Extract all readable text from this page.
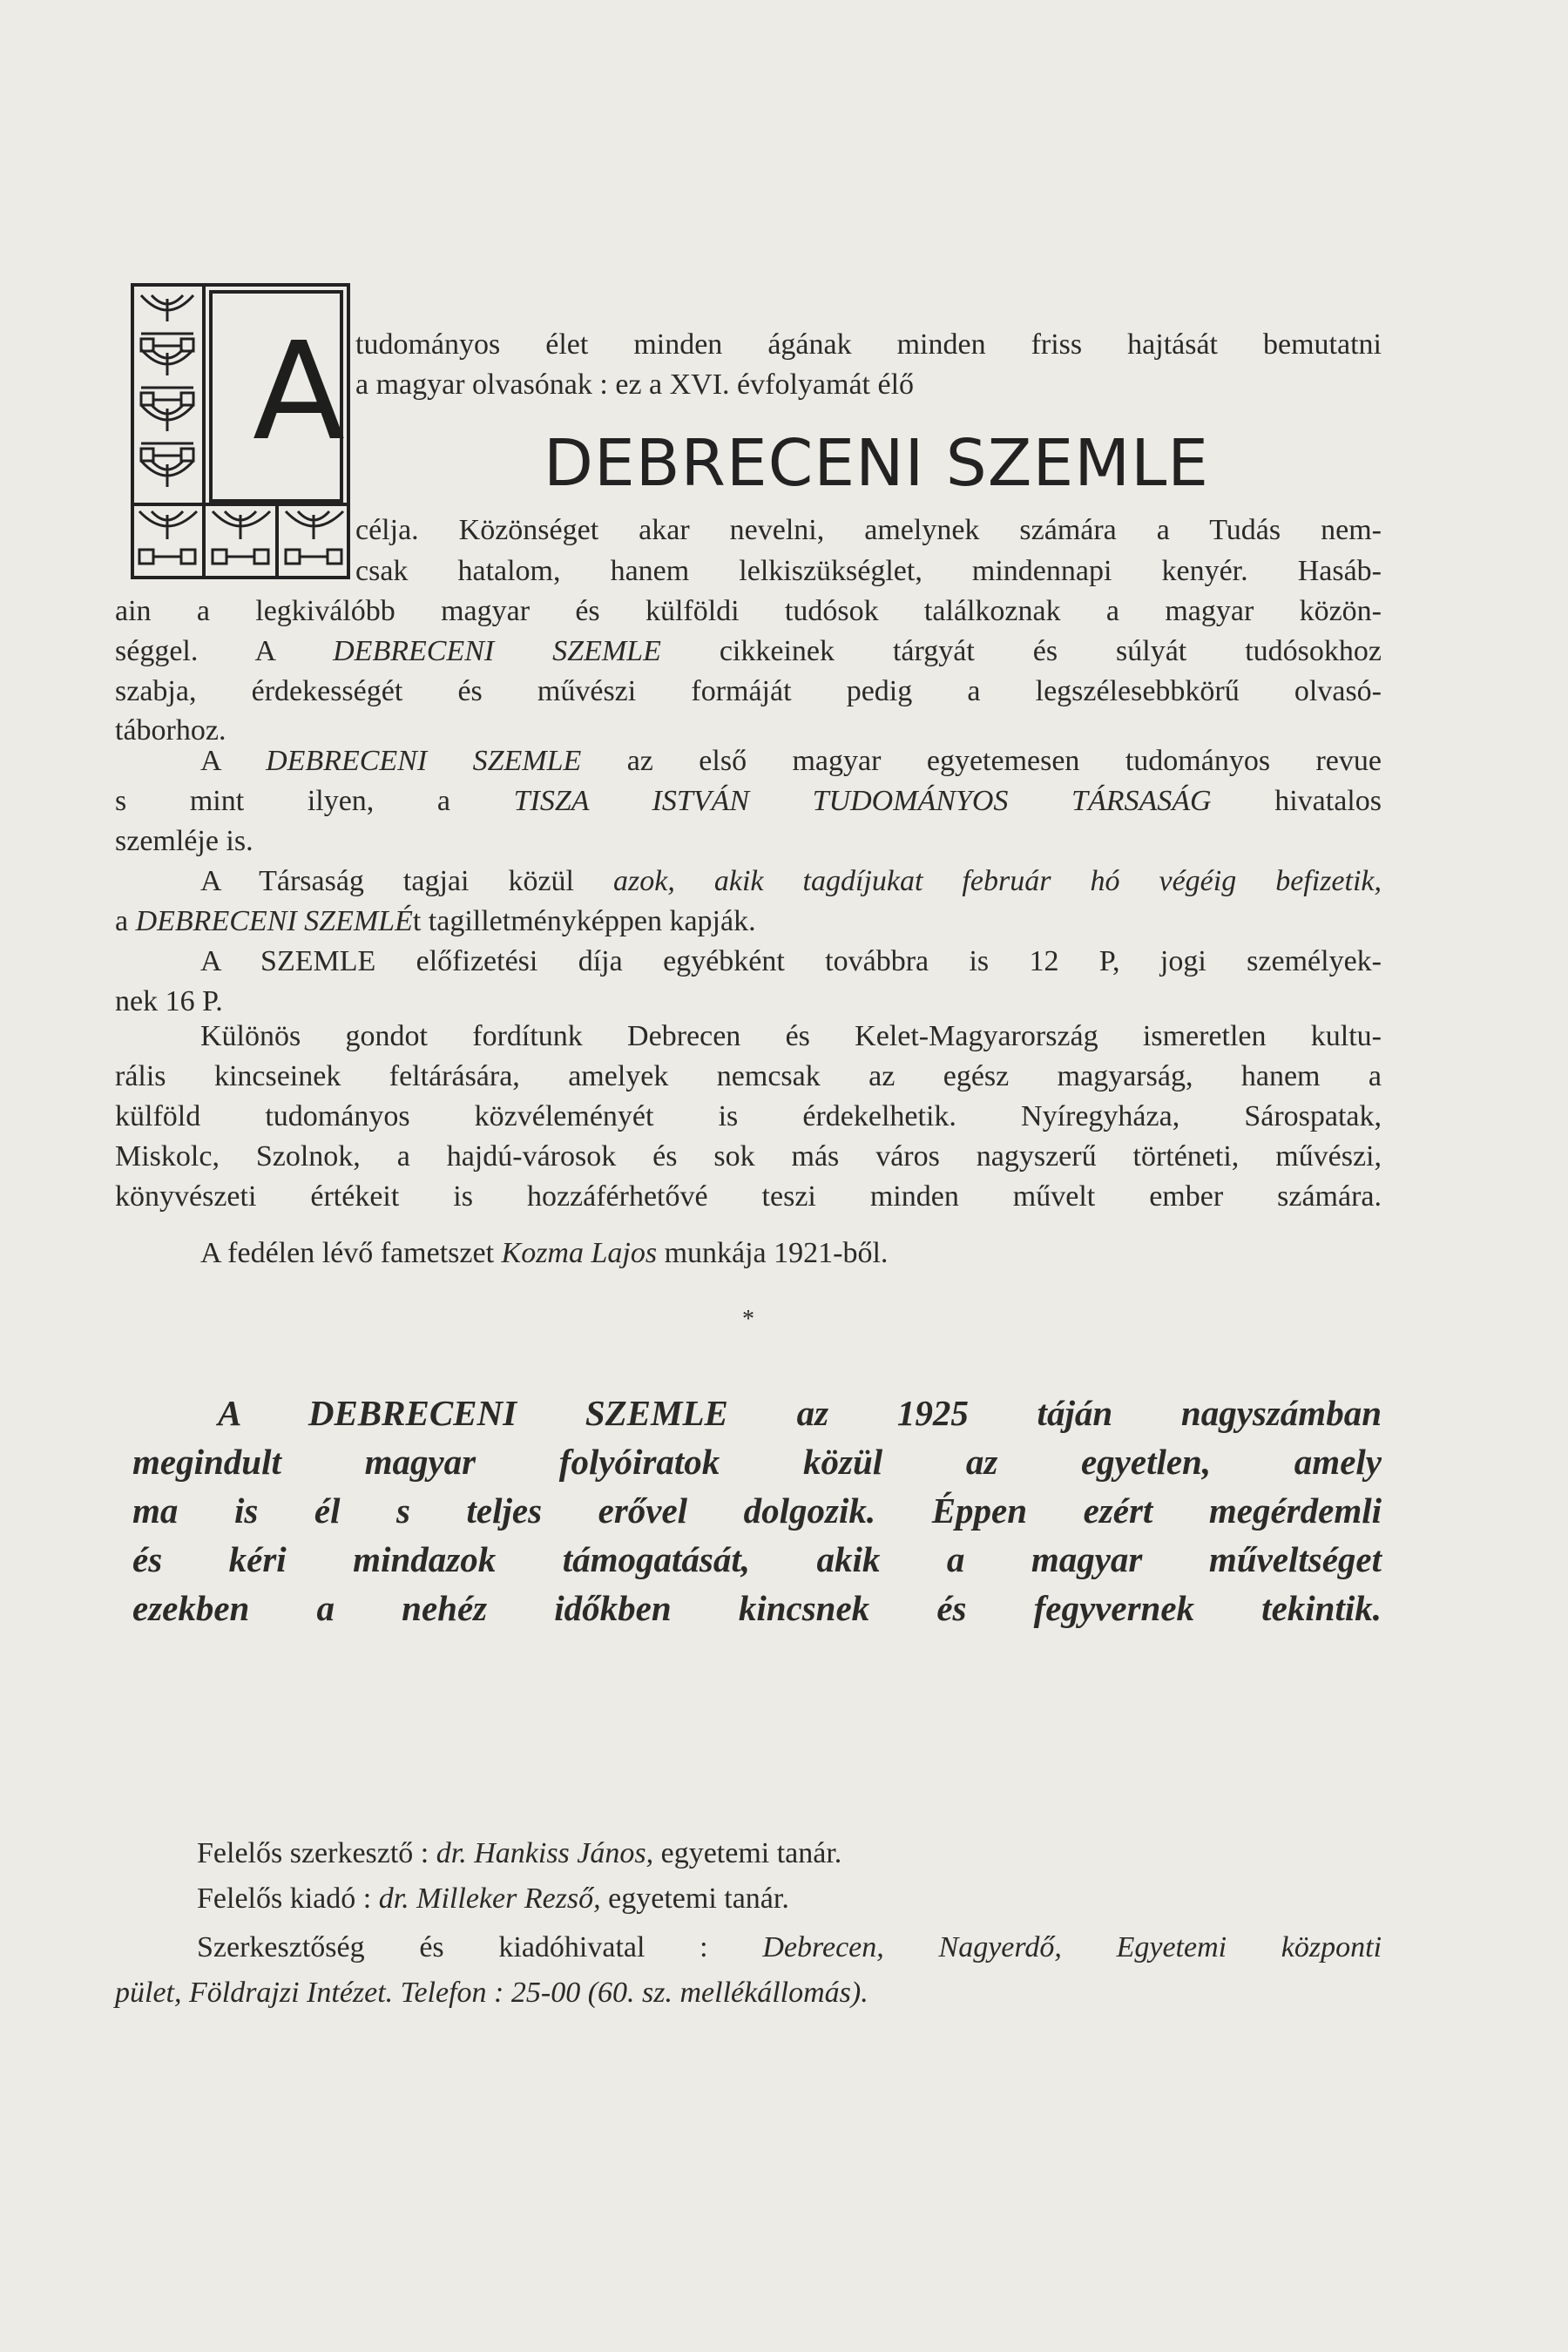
A tudományos élet minden ágának minden friss hajtását bemutatni
a magyar olvasónak : ez a XVI. évfolyamát élő
DEBRECENI SZEMLE
célja. Közönséget akar nevelni, amelynek számára a Tudás nem-
csak hatalom, hanem lelkiszükséglet, mindennapi kenyér. Hasáb-
ain a legkiválóbb magyar és külföldi tudósok találkoznak a magyar közön-
séggel. A DEBRECENI SZEMLE cikkeinek tárgyát és súlyát tudósokhoz
szabja, érdekességét és művészi formáját pedig a legszélesebbkörű olvasó-
táborhoz.
A DEBRECENI SZEMLE az első magyar egyetemesen tudományos revue
s mint ilyen, a TISZA ISTVÁN TUDOMÁNYOS TÁRSASÁG hivatalos
szemléje is.
A Társaság tagjai közül azok, akik tagdíjukat február hó végéig befizetik,
a DEBRECENI SZEMLÉt tagilletményképpen kapják.
A SZEMLE előfizetési díja egyébként továbbra is 12 P, jogi személyek-
nek 16 P.
Különös gondot fordítunk Debrecen és Kelet-Magyarország ismeretlen kultu-
rális kincseinek feltárására, amelyek nemcsak az egész magyarság, hanem a
külföld tudományos közvéleményét is érdekelhetik. Nyíregyháza, Sárospatak,
Miskolc, Szolnok, a hajdú-városok és sok más város nagyszerű történeti, művészi,
könyvészeti értékeit is hozzáférhetővé teszi minden művelt ember számára.
A fedélen lévő fametszet Kozma Lajos munkája 1921-ből.
*
A DEBRECENI SZEMLE az 1925 táján nagyszámban
megindult magyar folyóiratok közül az egyetlen, amely
ma is él s teljes erővel dolgozik. Éppen ezért megérdemli
és kéri mindazok támogatását, akik a magyar műveltséget
ezekben a nehéz időkben kincsnek és fegyvernek tekintik.
Felelős szerkesztő : dr. Hankiss János, egyetemi tanár.
Felelős kiadó : dr. Milleker Rezső, egyetemi tanár.
Szerkesztőség és kiadóhivatal : Debrecen, Nagyerdő, Egyetemi központi
pület, Földrajzi Intézet. Telefon : 25-00 (60. sz. mellékállomás).
